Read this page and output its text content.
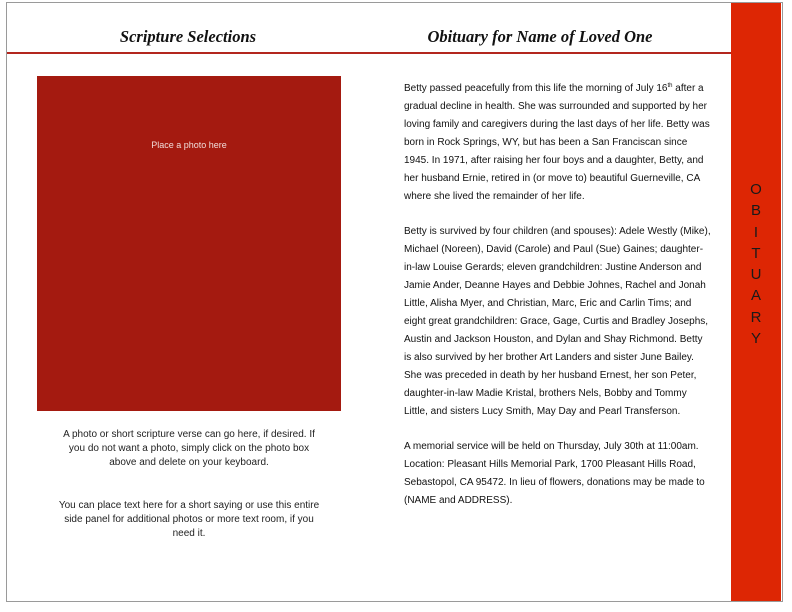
Scripture Selections	Obituary for Name of Loved One
Place a photo here

A photo or short scripture verse can go here, if desired. If you do not want a photo, simply click on the photo box above and delete on your keyboard.

You can place text here for a short saying or use this entire side panel for additional photos or more text room, if you need it.

Betty passed peacefully from this life the morning of July 16th after a gradual decline in health. She was surrounded and supported by her loving family and caregivers during the last days of her life. Betty was born in Rock Springs, WY, but has been a San Franciscan since 1945. In 1971, after raising her four boys and a daughter, Betty, and her husband Ernie, retired in (or move to) beautiful Guerneville, CA where she lived the remainder of her life.

Betty is survived by four children (and spouses): Adele Westly (Mike), Michael (Noreen), David (Carole) and Paul (Sue) Gaines; daughter-in-law Louise Gerards; eleven grandchildren: Justine Anderson and Jamie Ander, Deanne Hayes and Debbie Johnes, Rachel and Jonah Little, Alisha Myer, and Christian, Marc, Eric and Carlin Tims; and eight great grandchildren: Grace, Gage, Curtis and Bradley Josephs, Austin and Jackson Houston, and Dylan and Shay Richmond. Betty is also survived by her brother Art Landers and sister June Bailey. She was preceded in death by her husband Ernest, her son Peter, daughter-in-law Madie Kristal, brothers Nels, Bobby and Tommy Little, and sisters Lucy Smith, May Day and Pearl Transferson.

A memorial service will be held on Thursday, July 30th at 11:00am. Location: Pleasant Hills Memorial Park, 1700 Pleasant Hills Road, Sebastopol, CA 95472. In lieu of flowers, donations may be made to (NAME and ADDRESS).

O
B
I
T
U
A
R
Y
